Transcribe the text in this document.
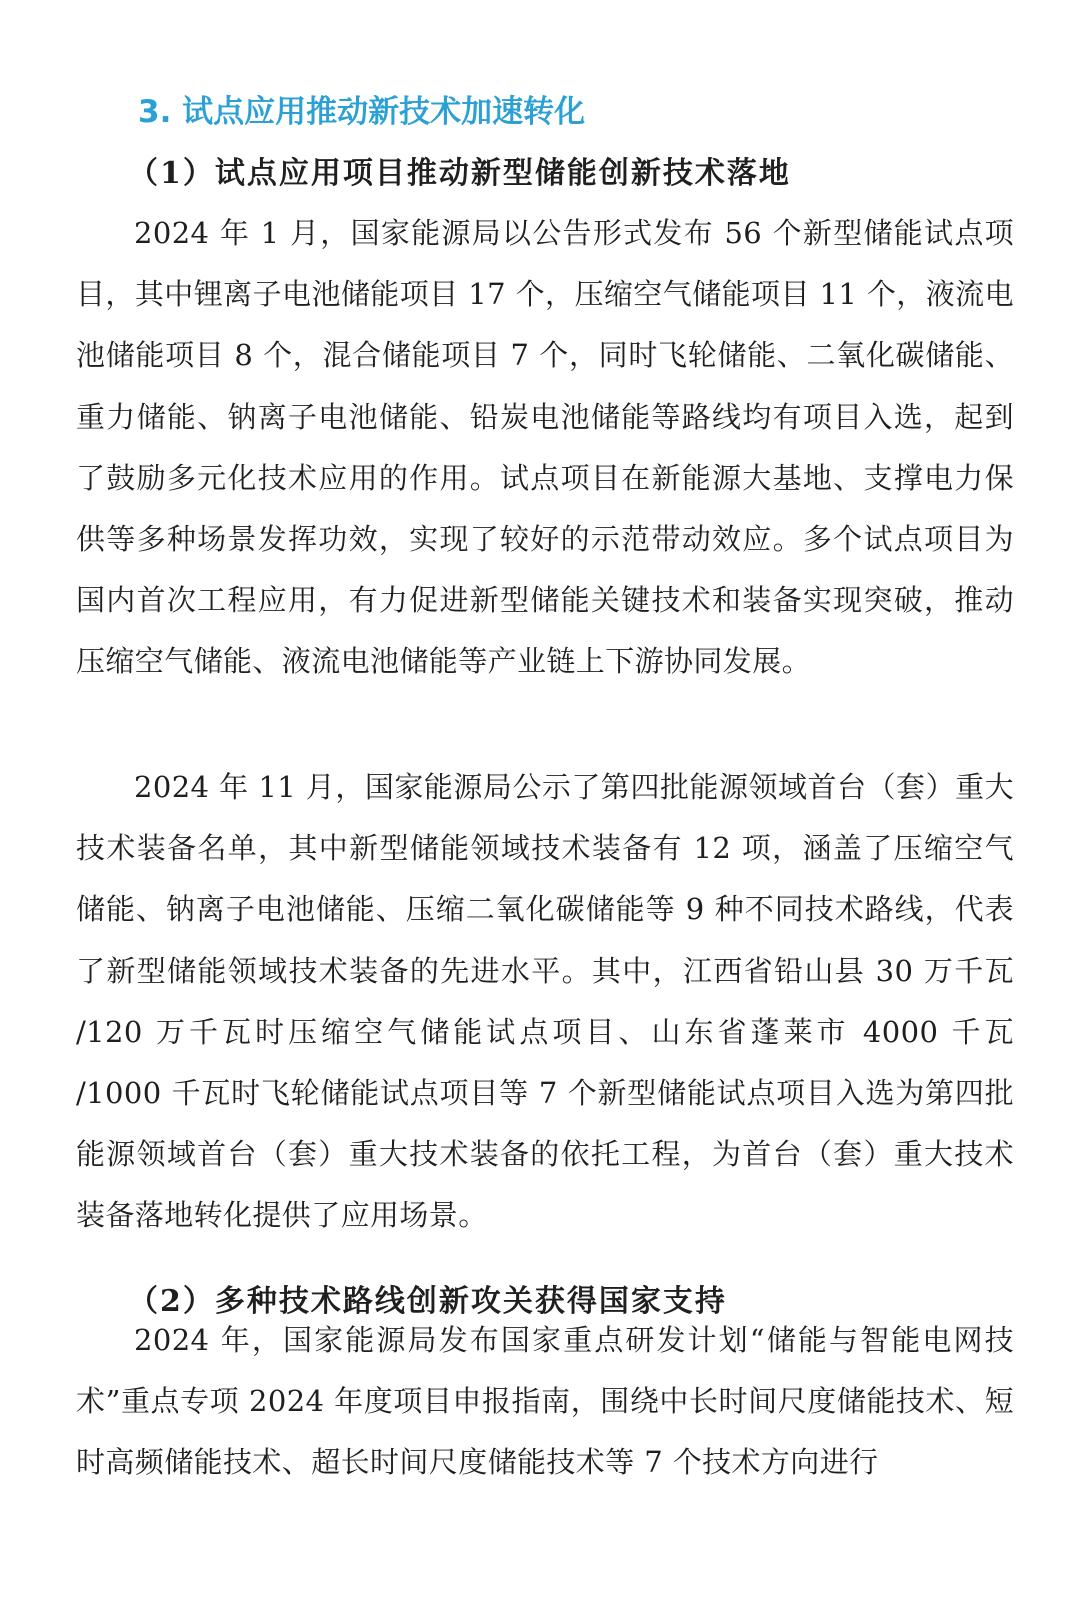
3. 试点应用推动新技术加速转化
（1）试点应用项目推动新型储能创新技术落地

2024 年 1 月，国家能源局以公告形式发布 56 个新型储能试点项目，其中锂离子电池储能项目 17 个，压缩空气储能项目 11 个，液流电池储能项目 8 个，混合储能项目 7 个，同时飞轮储能、二氧化碳储能、重力储能、钠离子电池储能、铅炭电池储能等路线均有项目入选，起到了鼓励多元化技术应用的作用。试点项目在新能源大基地、支撑电力保供等多种场景发挥功效，实现了较好的示范带动效应。多个试点项目为国内首次工程应用，有力促进新型储能关键技术和装备实现突破，推动压缩空气储能、液流电池储能等产业链上下游协同发展。

2024 年 11 月，国家能源局公示了第四批能源领域首台（套）重大技术装备名单，其中新型储能领域技术装备有 12 项，涵盖了压缩空气储能、钠离子电池储能、压缩二氧化碳储能等 9 种不同技术路线，代表了新型储能领域技术装备的先进水平。其中，江西省铅山县 30 万千瓦 /120 万千瓦时压缩空气储能试点项目、山东省蓬莱市 4000 千瓦 /1000 千瓦时飞轮储能试点项目等 7 个新型储能试点项目入选为第四批能源领域首台（套）重大技术装备的依托工程，为首台（套）重大技术装备落地转化提供了应用场景。

（2）多种技术路线创新攻关获得国家支持

2024 年，国家能源局发布国家重点研发计划“储能与智能电网技术”重点专项 2024 年度项目申报指南，围绕中长时间尺度储能技术、短时高频储能技术、超长时间尺度储能技术等 7 个技术方向进行
